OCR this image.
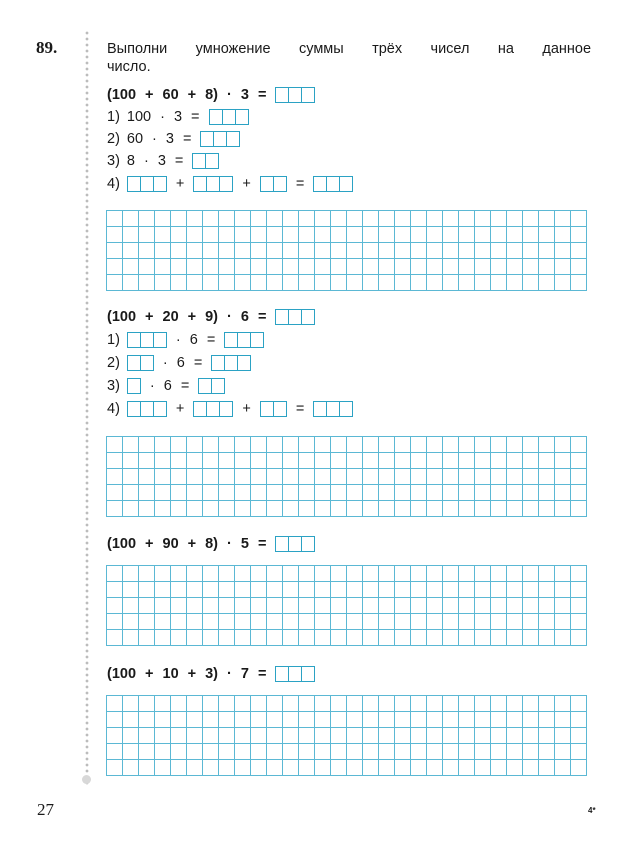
89.	Выполни умножение суммы трёх чисел на данное
число.
(100 + 60 + 8) · 3 =
1) 100 · 3 =
2) 60 · 3 =
3) 8 · 3 =
4)	+	+	=
(100 + 20 + 9) · 6 =
1)	· 6 =
2)	· 6 =
3) · 6 =
4)	+	+	=
(100 + 90 + 8) · 5 =
(100 + 10 + 3) · 7 =
27	4*
